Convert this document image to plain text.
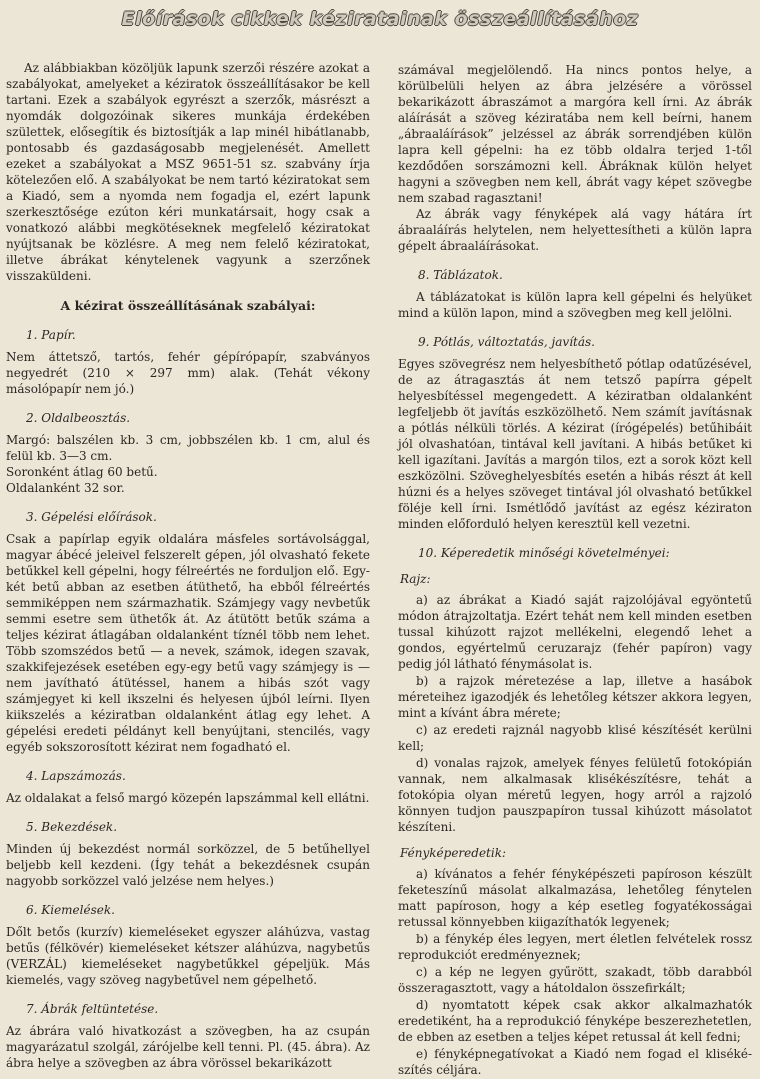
Előírások cikkek kéziratainak összeállításához

Az alábbiakban közöljük lapunk szerzői részére azokat a szabályokat, amelyeket a kéziratok összeállításakor be kell tartani. Ezek a szabályok egyrészt a szerzők, másrészt a nyomdák dolgozóinak sikeres munkája érdekében születtek, elősegítik és biztosítják a lap minél hibátlanabb, pontosabb és gazdaságosabb megjelenését. Amellett ezeket a szabályokat a MSZ 9651-51 sz. szabvány írja kötelezően elő. A szabályokat be nem tartó kéziratokat sem a Kiadó, sem a nyomda nem fogadja el, ezért lapunk szerkesztősége ezúton kéri munkatársait, hogy csak a vonatkozó alábbi megkötéseknek megfelelő kéziratokat nyújtsanak be közlésre. A meg nem felelő kéziratokat, illetve ábrákat kénytelenek vagyunk a szerzőnek visszaküldeni.

A kézirat összeállításának szabályai:
1. Papír.

Nem áttetsző, tartós, fehér gépírópapír, szabványos negyedrét (210 × 297 mm) alak. (Tehát vékony másolópapír nem jó.)

2. Oldalbeosztás.

Margó: balszélen kb. 3 cm, jobbszélen kb. 1 cm, alul és felül kb. 3—3 cm.

Soronként átlag 60 betű.

Oldalanként 32 sor.

3. Gépelési előírások.

Csak a papírlap egyik oldalára másfeles sortávolsággal, magyar ábécé jeleivel felszerelt gépen, jól olvasható fekete betűkkel kell gépelni, hogy félreértés ne forduljon elő. Egy-két betű abban az esetben átüthető, ha ebből félreértés semmiképpen nem származhatik. Számjegy vagy nevbetűk semmi esetre sem üthetők át. Az átütött betűk száma a teljes kézirat átlagában oldalanként tíznél több nem lehet. Több szomszédos betű — a nevek, számok, idegen szavak, szakkifejezések esetében egy-egy betű vagy számjegy is — nem javítható átütéssel, hanem a hibás szót vagy számjegyet ki kell ikszelni és helyesen újból leírni. Ilyen kiikszelés a kéziratban oldalanként átlag egy lehet. A gépelési eredeti példányt kell benyújtani, stencilés, vagy egyéb sokszorosított kézirat nem fogadható el.

4. Lapszámozás.

Az oldalakat a felső margó közepén lapszámmal kell ellátni.

5. Bekezdések.

Minden új bekezdést normál sorközzel, de 5 betűhellyel beljebb kell kezdeni. (Így tehát a bekezdésnek csupán nagyobb sorközzel való jelzése nem helyes.)

6. Kiemelések.

Dőlt betős (kurzív) kiemeléseket egyszer aláhúzva, vastag betűs (félkövér) kiemeléseket kétszer aláhúzva, nagybetűs (VERZÁL) kiemeléseket nagybetűkkel gépeljük. Más kiemelés, vagy szöveg nagybetűvel nem gépelhető.

7. Ábrák feltüntetése.

Az ábrára való hivatkozást a szövegben, ha az csupán magyarázatul szolgál, zárójelbe kell tenni. Pl. (45. ábra). Az ábra helye a szövegben az ábra vörössel bekarikázott

számával megjelölendő. Ha nincs pontos helye, a körülbelüli helyen az ábra jelzésére a vörössel bekarikázott ábraszámot a margóra kell írni. Az ábrák aláírását a szöveg kéziratába nem kell beírni, hanem „ábraaláírások” jelzéssel az ábrák sorrendjében külön lapra kell gépelni: ha ez több oldalra terjed 1-től kezdődően sorszámozni kell. Ábráknak külön helyet hagyni a szövegben nem kell, ábrát vagy képet szövegbe nem szabad ragasztani!

Az ábrák vagy fényképek alá vagy hátára írt ábraaláírás helytelen, nem helyettesítheti a külön lapra gépelt ábraaláírásokat.

8. Táblázatok.

A táblázatokat is külön lapra kell gépelni és helyüket mind a külön lapon, mind a szövegben meg kell jelölni.

9. Pótlás, változtatás, javítás.

Egyes szövegrész nem helyesbíthető pótlap odatűzésével, de az átragasztás át nem tetsző papírra gépelt helyesbítéssel megengedett. A kéziratban oldalanként legfeljebb öt javítás eszközölhető. Nem számít javításnak a pótlás nélküli törlés. A kézirat (írógépelés) betűhibáit jól olvashatóan, tintával kell javítani. A hibás betűket ki kell igazítani. Javítás a margón tilos, ezt a sorok közt kell eszközölni. Szöveghelyesbítés esetén a hibás részt át kell húzni és a helyes szöveget tintával jól olvasható betűkkel föléje kell írni. Ismétlődő javítást az egész kéziraton minden előforduló helyen keresztül kell vezetni.

10. Képeredetik minőségi követelményei:
Rajz:

a) az ábrákat a Kiadó saját rajzolójával egyöntetű módon átrajzoltatja. Ezért tehát nem kell minden esetben tussal kihúzott rajzot mellékelni, elegendő lehet a gondos, egyértelmű ceruzarajz (fehér papíron) vagy pedig jól látható fénymásolat is.

b) a rajzok méretezése a lap, illetve a hasábok méreteihez igazodjék és lehetőleg kétszer akkora legyen, mint a kívánt ábra mérete;

c) az eredeti rajznál nagyobb klisé készítését kerülni kell;

d) vonalas rajzok, amelyek fényes felületű fotokópián vannak, nem alkalmasak klisékészítésre, tehát a fotokópia olyan méretű legyen, hogy arról a rajzoló könnyen tudjon pauszpapíron tussal kihúzott másolatot készíteni.

Fényképeredetik:

a) kívánatos a fehér fényképészeti papíroson készült feketeszínű másolat alkalmazása, lehetőleg fénytelen matt papíroson, hogy a kép esetleg fogyatékosságai retussal könnyebben kiigazíthatók legyenek;

b) a fénykép éles legyen, mert életlen felvételek rossz reprodukciót eredményeznek;

c) a kép ne legyen gyűrött, szakadt, több darabból összeragasztott, vagy a hátoldalon összefirkált;

d) nyomtatott képek csak akkor alkalmazhatók eredetiként, ha a reprodukció fényképe beszerezhetetlen, de ebben az esetben a teljes képet retussal át kell fedni;

e) fényképnegatívokat a Kiadó nem fogad el klisékészítés céljára.
